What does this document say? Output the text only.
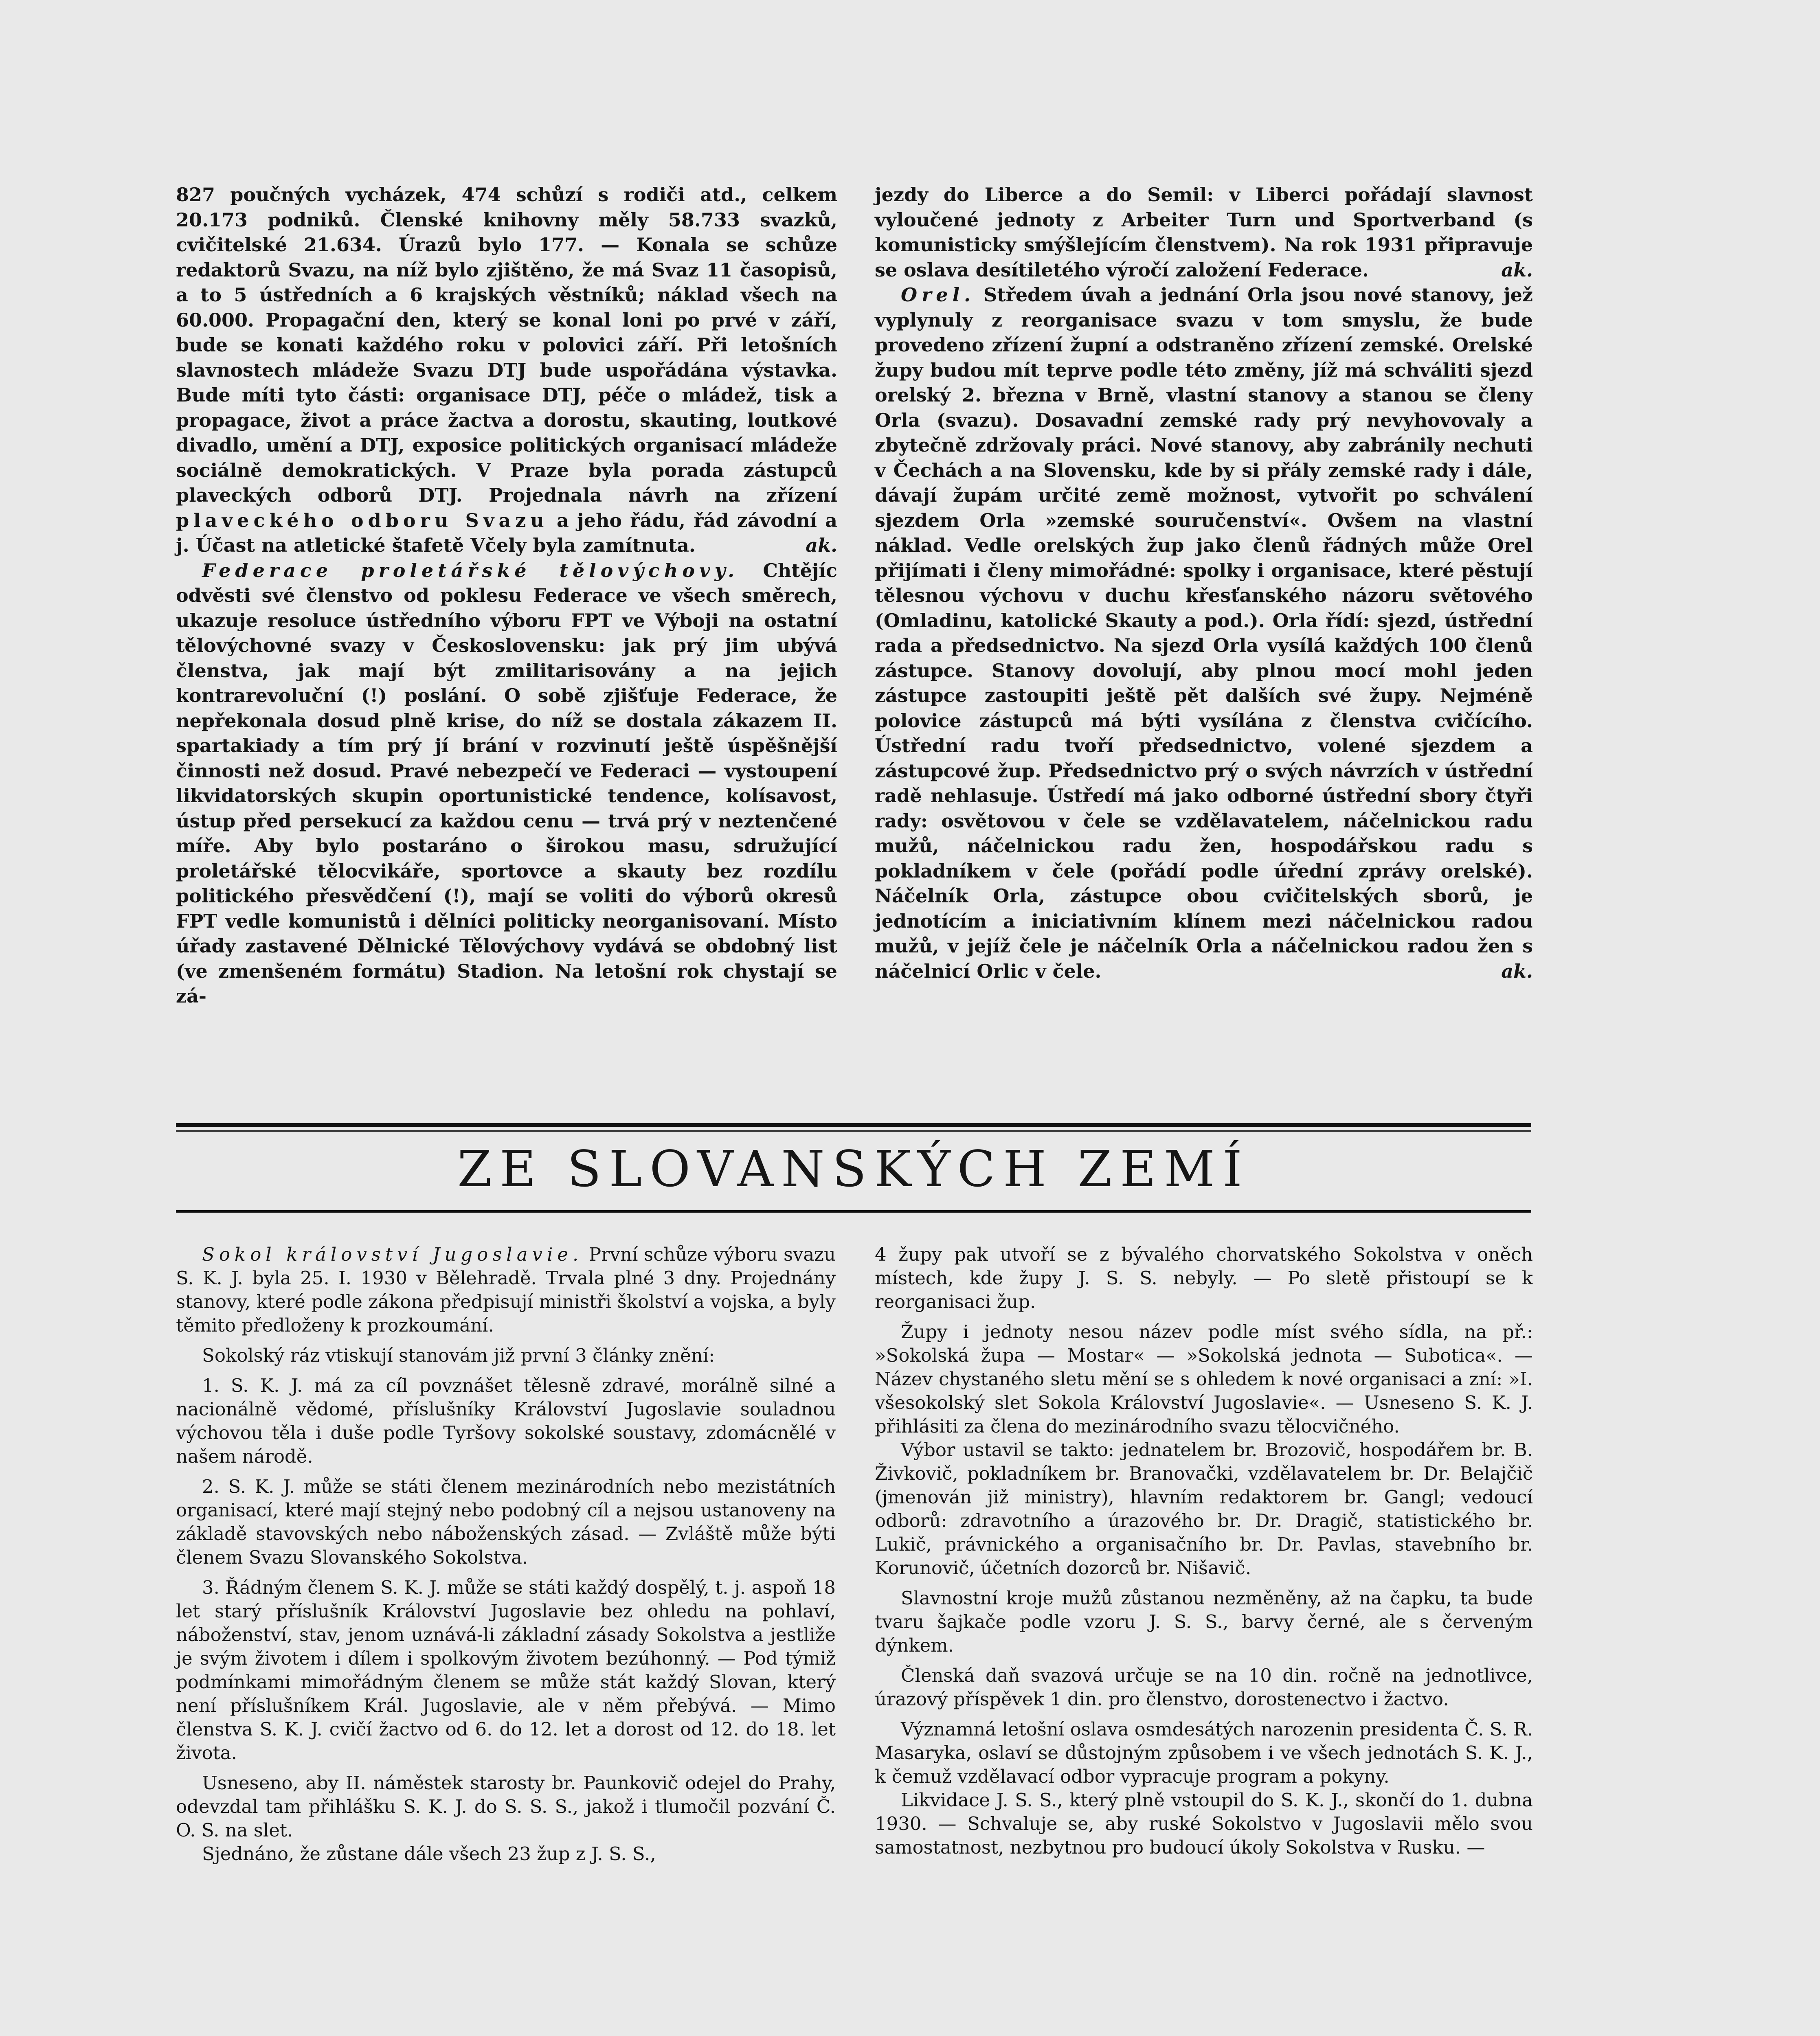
827 poučných vycházek, 474 schůzí s rodiči atd., celkem 20.173 podniků. Členské knihovny měly 58.733 svazků, cvičitelské 21.634. Úrazů bylo 177. — Konala se schůze redaktorů Svazu, na níž bylo zjištěno, že má Svaz 11 časopisů, a to 5 ústředních a 6 krajských věstníků; náklad všech na 60.000. Propagační den, který se konal loni po prvé v září, bude se konati každého roku v polovici září. Při letošních slavnostech mládeže Svazu DTJ bude uspořádána výstavka. Bude míti tyto části: organisace DTJ, péče o mládež, tisk a propagace, život a práce žactva a dorostu, skauting, loutkové divadlo, umění a DTJ, exposice politických organisací mládeže sociálně demokratických. V Praze byla porada zástupců plaveckých odborů DTJ. Projednala návrh na zřízení plaveckého odboru Svazu a jeho řádu, řád závodní a j. Účast na atletické štafetě Včely byla zamítnuta.	ak.

Federace proletářské tělovýchovy. Chtějíc odvěsti své členstvo od poklesu Federace ve všech směrech, ukazuje resoluce ústředního výboru FPT ve Výboji na ostatní tělovýchovné svazy v Československu: jak prý jim ubývá členstva, jak mají být zmilitarisovány a na jejich kontrarevoluční (!) poslání. O sobě zjišťuje Federace, že nepřekonala dosud plně krise, do níž se dostala zákazem II. spartakiady a tím prý jí brání v rozvinutí ještě úspěšnější činnosti než dosud. Pravé nebezpečí ve Federaci — vystoupení likvidatorských skupin oportunistické tendence, kolísavost, ústup před persekucí za každou cenu — trvá prý v neztenčené míře. Aby bylo postaráno o širokou masu, sdružující proletářské tělocvikáře, sportovce a skauty bez rozdílu politického přesvědčení (!), mají se voliti do výborů okresů FPT vedle komunistů i dělníci politicky neorganisovaní. Místo úřady zastavené Dělnické Tělovýchovy vydává se obdobný list (ve zmenšeném formátu) Stadion. Na letošní rok chystají se zá-

jezdy do Liberce a do Semil: v Liberci pořádají slavnost vyloučené jednoty z Arbeiter Turn und Sportverband (s komunisticky smýšlejícím členstvem). Na rok 1931 připravuje se oslava desítiletého výročí založení Federace.	ak.

Orel. Středem úvah a jednání Orla jsou nové stanovy, jež vyplynuly z reorganisace svazu v tom smyslu, že bude provedeno zřízení župní a odstraněno zřízení zemské. Orelské župy budou mít teprve podle této změny, jíž má schváliti sjezd orelský 2. března v Brně, vlastní stanovy a stanou se členy Orla (svazu). Dosavadní zemské rady prý nevyhovovaly a zbytečně zdržovaly práci. Nové stanovy, aby zabránily nechuti v Čechách a na Slovensku, kde by si přály zemské rady i dále, dávají župám určité země možnost, vytvořit po schválení sjezdem Orla »zemské souručenství«. Ovšem na vlastní náklad. Vedle orelských žup jako členů řádných může Orel přijímati i členy mimořádné: spolky i organisace, které pěstují tělesnou výchovu v duchu křesťanského názoru světového (Omladinu, katolické Skauty a pod.). Orla řídí: sjezd, ústřední rada a předsednictvo. Na sjezd Orla vysílá každých 100 členů zástupce. Stanovy dovolují, aby plnou mocí mohl jeden zástupce zastoupiti ještě pět dalších své župy. Nejméně polovice zástupců má býti vysílána z členstva cvičícího. Ústřední radu tvoří předsednictvo, volené sjezdem a zástupcové žup. Předsednictvo prý o svých návrzích v ústřední radě nehlasuje. Ústředí má jako odborné ústřední sbory čtyři rady: osvětovou v čele se vzdělavatelem, náčelnickou radu mužů, náčelnickou radu žen, hospodářskou radu s pokladníkem v čele (pořádí podle úřední zprávy orelské). Náčelník Orla, zástupce obou cvičitelských sborů, je jednotícím a iniciativním klínem mezi náčelnickou radou mužů, v jejíž čele je náčelník Orla a náčelnickou radou žen s náčelnicí Orlic v čele.	ak.

ZE SLOVANSKÝCH ZEMÍ

Sokol království Jugoslavie. První schůze výboru svazu S. K. J. byla 25. I. 1930 v Bělehradě. Trvala plné 3 dny. Projednány stanovy, které podle zákona předpisují ministři školství a vojska, a byly těmito předloženy k prozkoumání.

Sokolský ráz vtiskují stanovám již první 3 články znění:

1. S. K. J. má za cíl povznášet tělesně zdravé, morálně silné a nacionálně vědomé, příslušníky Království Jugoslavie souladnou výchovou těla i duše podle Tyršovy sokolské soustavy, zdomácnělé v našem národě.

2. S. K. J. může se státi členem mezinárodních nebo mezistátních organisací, které mají stejný nebo podobný cíl a nejsou ustanoveny na základě stavovských nebo náboženských zásad. — Zvláště může býti členem Svazu Slovanského Sokolstva.

3. Řádným členem S. K. J. může se státi každý dospělý, t. j. aspoň 18 let starý příslušník Království Jugoslavie bez ohledu na pohlaví, náboženství, stav, jenom uznává-li základní zásady Sokolstva a jestliže je svým životem i dílem i spolkovým životem bezúhonný. — Pod týmiž podmínkami mimořádným členem se může stát každý Slovan, který není příslušníkem Král. Jugoslavie, ale v něm přebývá. — Mimo členstva S. K. J. cvičí žactvo od 6. do 12. let a dorost od 12. do 18. let života.

Usneseno, aby II. náměstek starosty br. Paunkovič odejel do Prahy, odevzdal tam přihlášku S. K. J. do S. S. S., jakož i tlumočil pozvání Č. O. S. na slet.

Sjednáno, že zůstane dále všech 23 žup z J. S. S.,

4 župy pak utvoří se z bývalého chorvatského Sokolstva v oněch místech, kde župy J. S. S. nebyly. — Po sletě přistoupí se k reorganisaci žup.

Župy i jednoty nesou název podle míst svého sídla, na př.: »Sokolská župa — Mostar« — »Sokolská jednota — Subotica«. — Název chystaného sletu mění se s ohledem k nové organisaci a zní: »I. všesokolský slet Sokola Království Jugoslavie«. — Usneseno S. K. J. přihlásiti za člena do mezinárodního svazu tělocvičného.

Výbor ustavil se takto: jednatelem br. Brozovič, hospodářem br. B. Živkovič, pokladníkem br. Branovački, vzdělavatelem br. Dr. Belajčič (jmenován již ministry), hlavním redaktorem br. Gangl; vedoucí odborů: zdravotního a úrazového br. Dr. Dragič, statistického br. Lukič, právnického a organisačního br. Dr. Pavlas, stavebního br. Korunovič, účetních dozorců br. Nišavič.

Slavnostní kroje mužů zůstanou nezměněny, až na čapku, ta bude tvaru šajkače podle vzoru J. S. S., barvy černé, ale s červeným dýnkem.

Členská daň svazová určuje se na 10 din. ročně na jednotlivce, úrazový příspěvek 1 din. pro členstvo, dorostenectvo i žactvo.

Významná letošní oslava osmdesátých narozenin presidenta Č. S. R. Masaryka, oslaví se důstojným způsobem i ve všech jednotách S. K. J., k čemuž vzdělavací odbor vypracuje program a pokyny.

Likvidace J. S. S., který plně vstoupil do S. K. J., skončí do 1. dubna 1930. — Schvaluje se, aby ruské Sokolstvo v Jugoslavii mělo svou samostatnost, nezbytnou pro budoucí úkoly Sokolstva v Rusku. —
